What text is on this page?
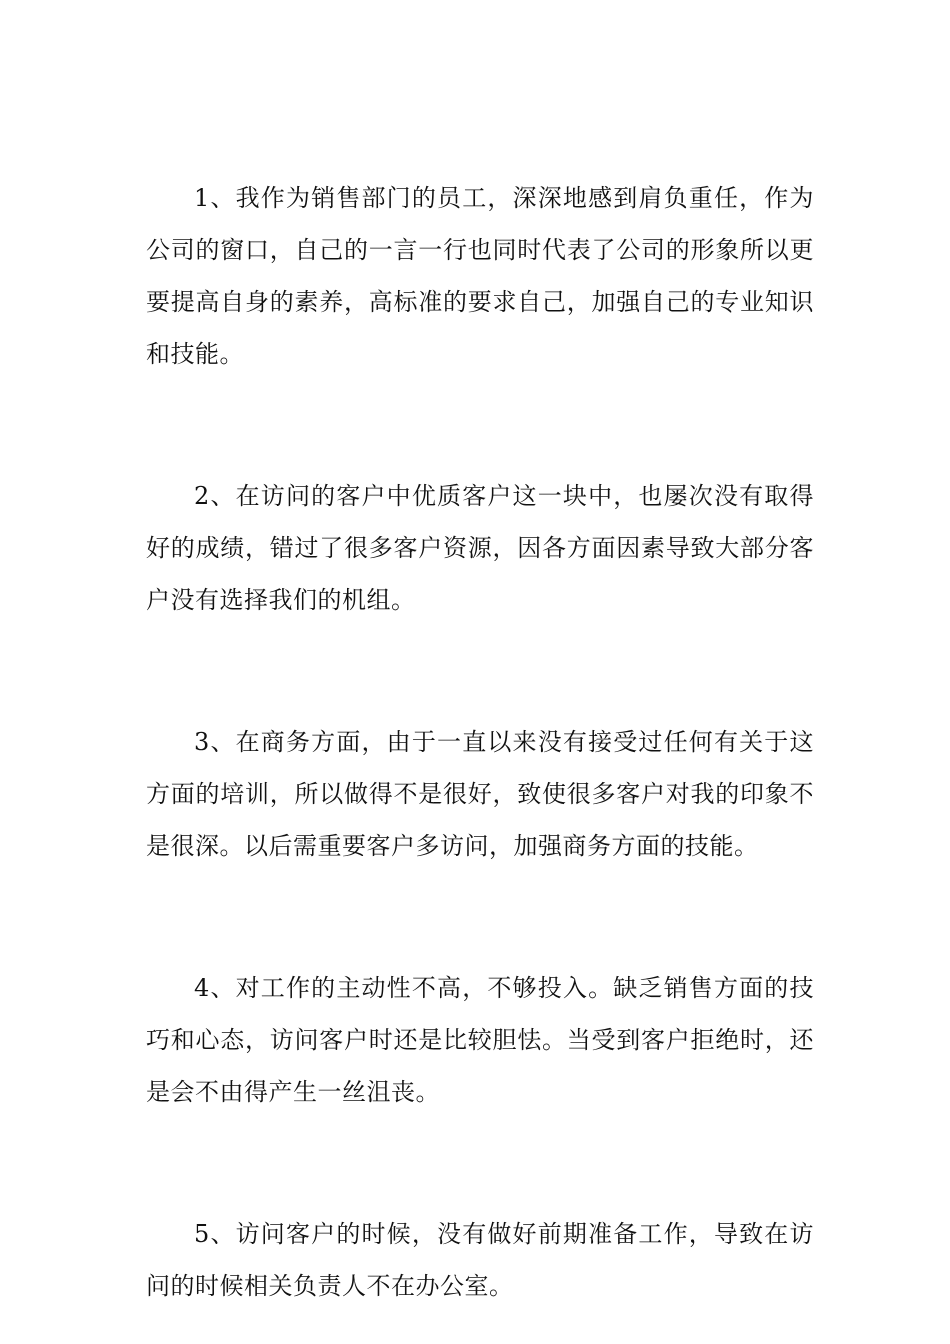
1、我作为销售部门的员工，深深地感到肩负重任，作为公司的窗口，自己的一言一行也同时代表了公司的形象所以更要提高自身的素养，高标准的要求自己，加强自己的专业知识和技能。

2、在访问的客户中优质客户这一块中，也屡次没有取得好的成绩，错过了很多客户资源，因各方面因素导致大部分客户没有选择我们的机组。

3、在商务方面，由于一直以来没有接受过任何有关于这方面的培训，所以做得不是很好，致使很多客户对我的印象不是很深。以后需重要客户多访问，加强商务方面的技能。

4、对工作的主动性不高，不够投入。缺乏销售方面的技巧和心态，访问客户时还是比较胆怯。当受到客户拒绝时，还是会不由得产生一丝沮丧。

5、访问客户的时候，没有做好前期准备工作，导致在访问的时候相关负责人不在办公室。
